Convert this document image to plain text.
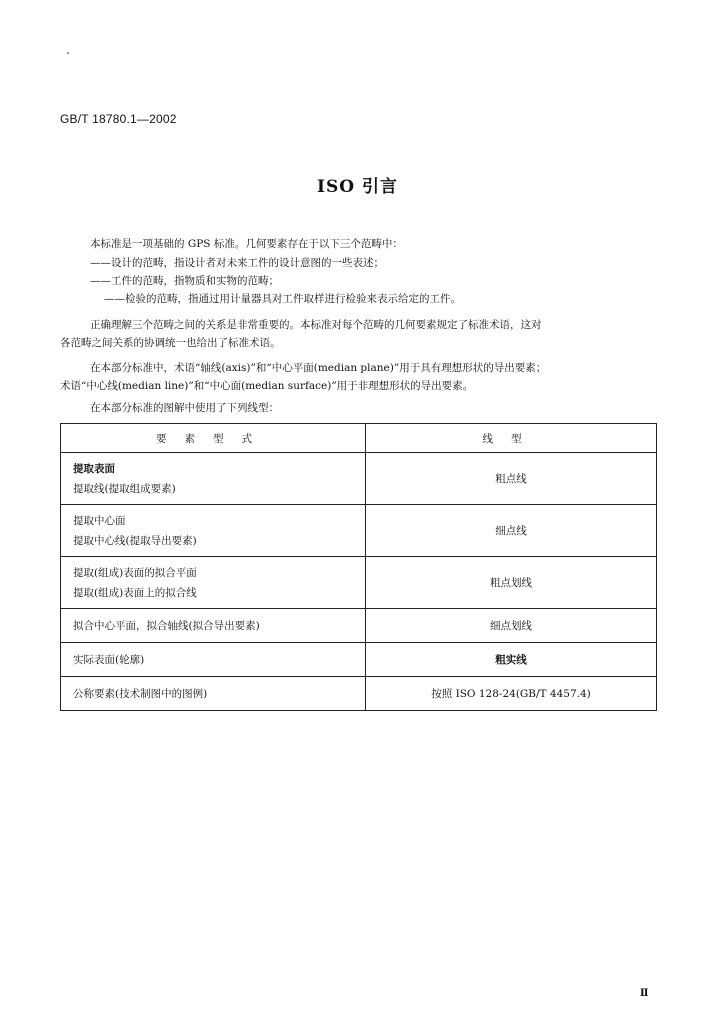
GB/T 18780.1—2002
ISO 引言
本标准是一项基础的 GPS 标准。几何要素存在于以下三个范畴中：
——设计的范畴，指设计者对未来工件的设计意图的一些表述；
——工件的范畴，指物质和实物的范畴；
——检验的范畴，指通过用计量器具对工件取样进行检验来表示给定的工件。
正确理解三个范畴之间的关系是非常重要的。本标准对每个范畴的几何要素规定了标准术语，这对
各范畴之间关系的协调统一也给出了标准术语。
在本部分标准中，术语“轴线(axis)”和“中心平面(median plane)”用于具有理想形状的导出要素；
术语“中心线(median line)”和“中心面(median surface)”用于非理想形状的导出要素。
在本部分标准的图解中使用了下列线型：
要素型式	线型

提取表面
提取线(提取组成要素)	粗点线

提取中心面
提取中心线(提取导出要素)	细点线

提取(组成)表面的拟合平面
提取(组成)表面上的拟合线	粗点划线

拟合中心平面，拟合轴线(拟合导出要素)	细点划线

实际表面(轮廓)	粗实线

公称要素(技术制图中的图例)	按照 ISO 128-24(GB/T 4457.4)
Ⅱ
